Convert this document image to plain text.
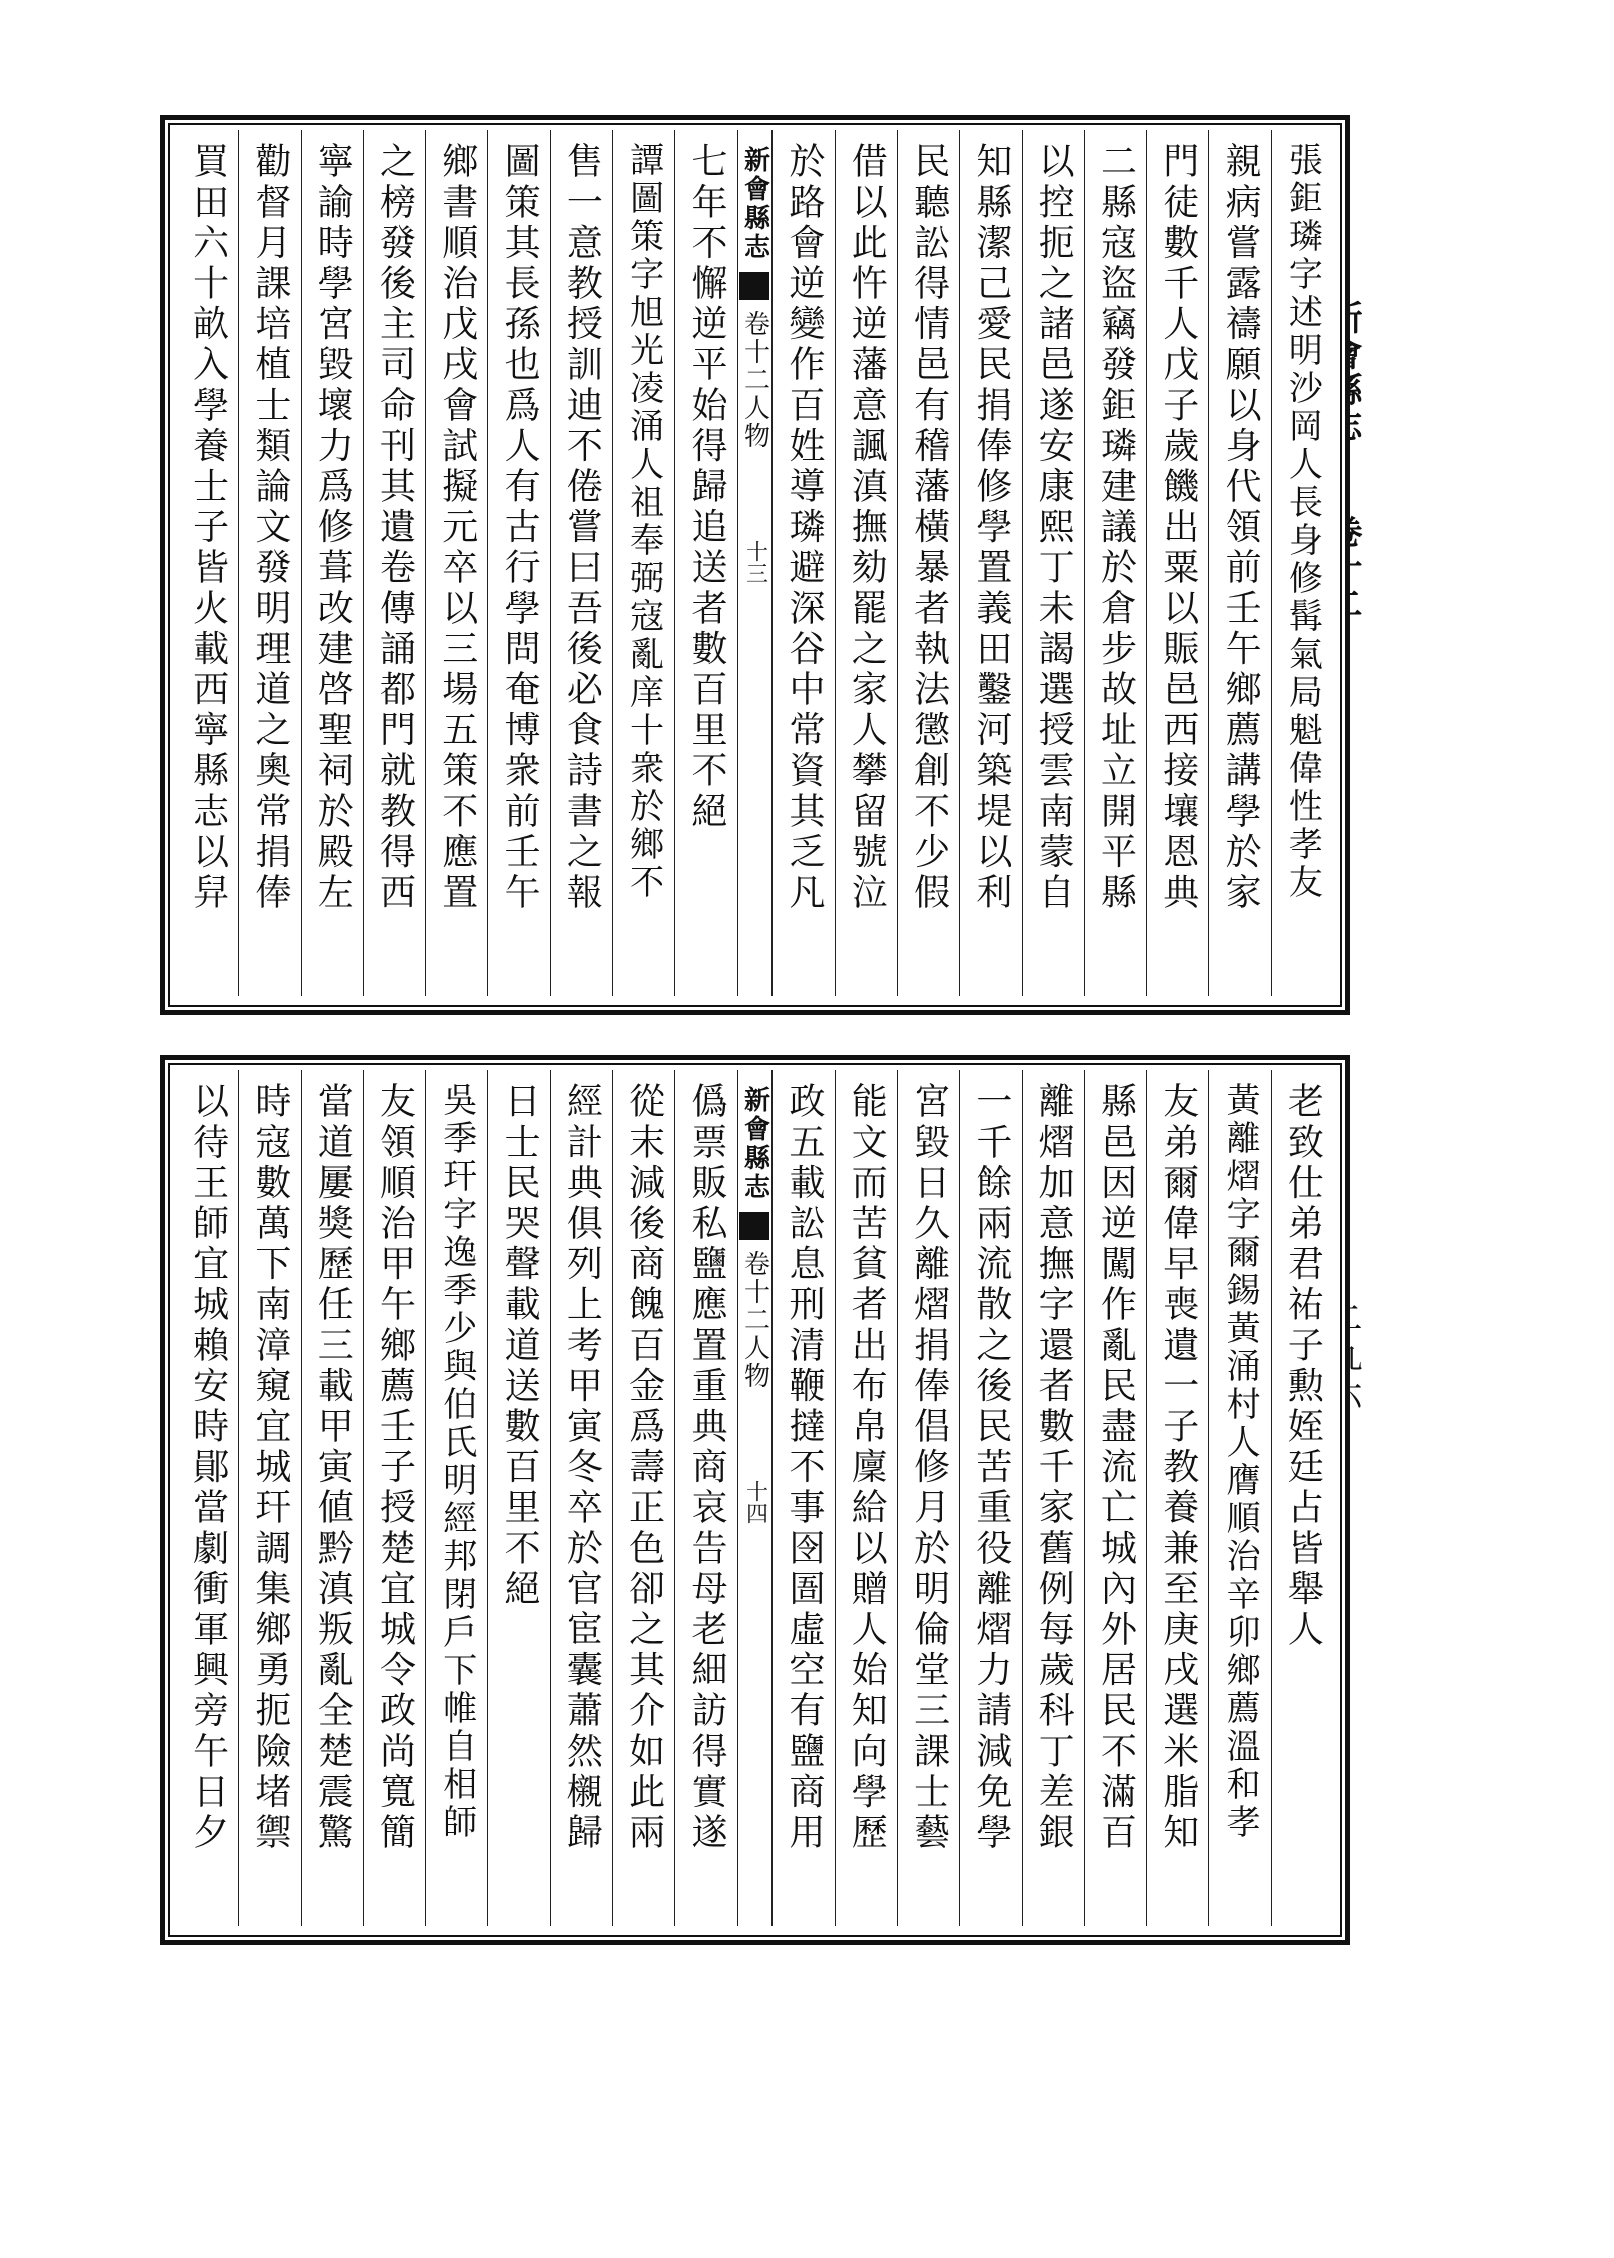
張鉅璘字述明沙岡人長身修髯氣局魁偉性孝友
親病嘗露禱願以身代領前壬午鄉薦講學於家
門徒數千人戊子歲饑出粟以賑邑西接壤恩典
二縣寇盜竊發鉅璘建議於倉步故址立開平縣
以控扼之諸邑遂安康熙丁未謁選授雲南蒙自
知縣潔己愛民捐俸修學置義田鑿河築堤以利
民聽訟得情邑有稽藩橫暴者執法懲創不少假
借以此忤逆藩意諷滇撫劾罷之家人攀留號泣
於路會逆變作百姓導璘避深谷中常資其乏凡
新會縣志
卷十二人物
十三
七年不懈逆平始得歸追送者數百里不絕
譚圖策字旭光凌涌人祖奉弼寇亂庠十衆於鄉不
售一意教授訓迪不倦嘗曰吾後必食詩書之報
圖策其長孫也爲人有古行學問奄博衆前壬午
鄉書順治戊戌會試擬元卒以三場五策不應置
之榜發後主司命刊其遺卷傳誦都門就教得西
寧諭時學宮毀壞力爲修葺改建啓聖祠於殿左
勸督月課培植士類論文發明理道之奧常捐俸
買田六十畝入學養士子皆火載西寧縣志以舁
老致仕弟君祐子勲姪廷占皆舉人
黃離熠字爾錫黃涌村人膺順治辛卯鄉薦溫和孝
友弟爾偉早喪遺一子教養兼至庚戌選米脂知
縣邑因逆闖作亂民盡流亡城內外居民不滿百
離熠加意撫字還者數千家舊例每歲科丁差銀
一千餘兩流散之後民苦重役離熠力請減免學
宮毀日久離熠捐俸倡修月於明倫堂三課士藝
能文而苦貧者出布帛廩給以贈人始知向學歷
政五載訟息刑清鞭撻不事囹圄虛空有鹽商用
新會縣志
卷十二人物
十四
僞票販私鹽應置重典商哀告母老細訪得實遂
從末減後商餽百金爲壽正色卻之其介如此兩
經計典俱列上考甲寅冬卒於官宦囊蕭然櫬歸
日士民哭聲載道送數百里不絕
吳季玕字逸季少與伯氏明經邦閉戶下帷自相師
友領順治甲午鄉薦壬子授楚宜城令政尚寬簡
當道屢獎歷任三載甲寅値黔滇叛亂全楚震驚
時寇數萬下南漳窺宜城玕調集鄉勇扼險堵禦
以待王師宜城賴安時鄖當劇衝軍興旁午日夕
